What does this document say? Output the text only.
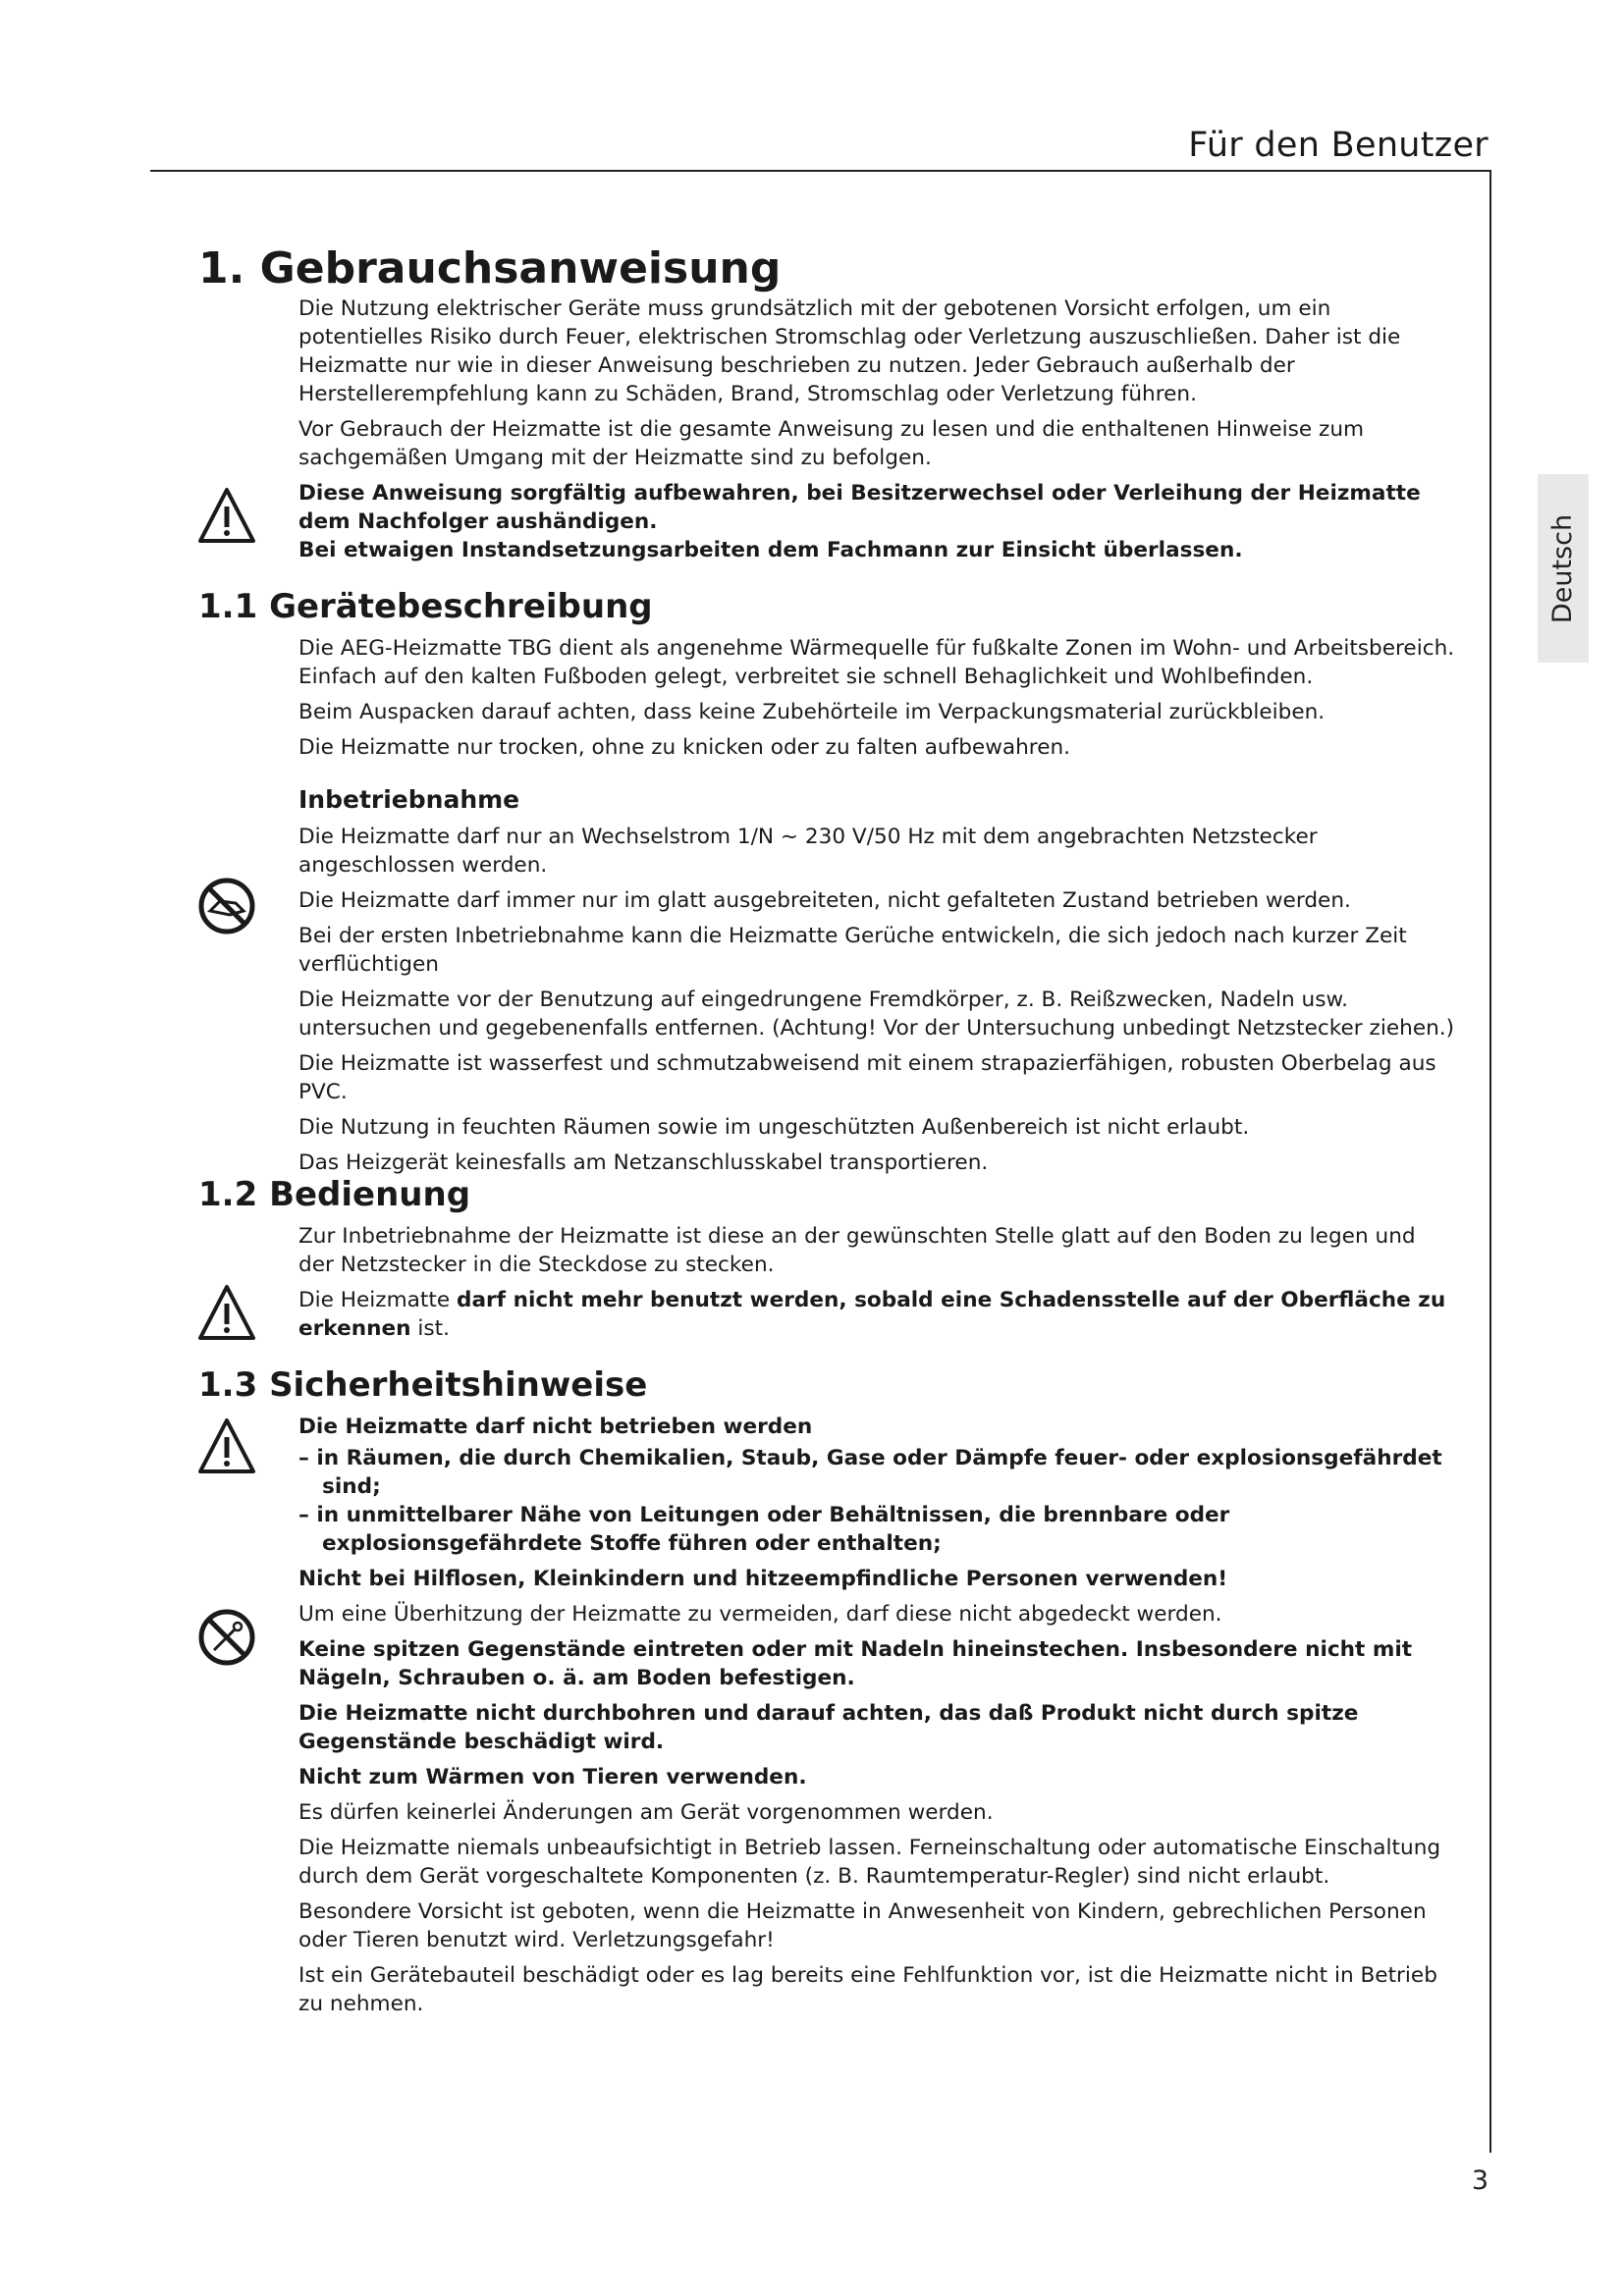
Für den Benutzer
Deutsch
1. Gebrauchsanweisung

Die Nutzung elektrischer Geräte muss grundsätzlich mit der gebotenen Vorsicht erfolgen, um ein potentielles Risiko durch Feuer, elektrischen Stromschlag oder Verletzung auszuschließen. Daher ist die Heizmatte nur wie in dieser Anweisung beschrieben zu nutzen. Jeder Gebrauch außerhalb der Herstellerempfehlung kann zu Schäden, Brand, Stromschlag oder Verletzung führen.

Vor Gebrauch der Heizmatte ist die gesamte Anweisung zu lesen und die enthaltenen Hinweise zum sachgemäßen Umgang mit der Heizmatte sind zu befolgen.

Diese Anweisung sorgfältig aufbewahren, bei Besitzerwechsel oder Verleihung der Heizmatte dem Nachfolger aushändigen.

Bei etwaigen Instandsetzungsarbeiten dem Fachmann zur Einsicht überlassen.

1.1 Gerätebeschreibung

Die AEG-Heizmatte TBG dient als angenehme Wärmequelle für fußkalte Zonen im Wohn- und Arbeitsbereich. Einfach auf den kalten Fußboden gelegt, verbreitet sie schnell Behaglichkeit und Wohlbefinden.

Beim Auspacken darauf achten, dass keine Zubehörteile im Verpackungsmaterial zurückbleiben.

Die Heizmatte nur trocken, ohne zu knicken oder zu falten aufbewahren.

Inbetriebnahme

Die Heizmatte darf nur an Wechselstrom 1/N ~ 230 V/50 Hz mit dem angebrachten Netzstecker angeschlossen werden.

Die Heizmatte darf immer nur im glatt ausgebreiteten, nicht gefalteten Zustand betrieben werden.

Bei der ersten Inbetriebnahme kann die Heizmatte Gerüche entwickeln, die sich jedoch nach kurzer Zeit verflüchtigen

Die Heizmatte vor der Benutzung auf eingedrungene Fremdkörper, z. B. Reißzwecken, Nadeln usw. untersuchen und gegebenenfalls entfernen. (Achtung! Vor der Untersuchung unbedingt Netzstecker ziehen.)

Die Heizmatte ist wasserfest und schmutzabweisend mit einem strapazierfähigen, robusten Oberbelag aus PVC.

Die Nutzung in feuchten Räumen sowie im ungeschützten Außenbereich ist nicht erlaubt.

Das Heizgerät keinesfalls am Netzanschlusskabel transportieren.

1.2 Bedienung

Zur Inbetriebnahme der Heizmatte ist diese an der gewünschten Stelle glatt auf den Boden zu legen und der Netzstecker in die Steckdose zu stecken.

Die Heizmatte darf nicht mehr benutzt werden, sobald eine Schadensstelle auf der Oberfläche zu erkennen ist.

1.3 Sicherheitshinweise

Die Heizmatte darf nicht betrieben werden

– in Räumen, die durch Chemikalien, Staub, Gase oder Dämpfe feuer- oder explosionsgefährdet sind;

– in unmittelbarer Nähe von Leitungen oder Behältnissen, die brennbare oder explosionsgefährdete Stoffe führen oder enthalten;

Nicht bei Hilflosen, Kleinkindern und hitzeempfindliche Personen verwenden!

Um eine Überhitzung der Heizmatte zu vermeiden, darf diese nicht abgedeckt werden.

Keine spitzen Gegenstände eintreten oder mit Nadeln hineinstechen. Insbesondere nicht mit Nägeln, Schrauben o. ä. am Boden befestigen.

Die Heizmatte nicht durchbohren und darauf achten, das daß Produkt nicht durch spitze Gegenstände beschädigt wird.

Nicht zum Wärmen von Tieren verwenden.

Es dürfen keinerlei Änderungen am Gerät vorgenommen werden.

Die Heizmatte niemals unbeaufsichtigt in Betrieb lassen. Ferneinschaltung oder automatische Einschaltung durch dem Gerät vorgeschaltete Komponenten (z. B. Raumtemperatur-Regler) sind nicht erlaubt.

Besondere Vorsicht ist geboten, wenn die Heizmatte in Anwesenheit von Kindern, gebrechlichen Personen oder Tieren benutzt wird. Verletzungsgefahr!

Ist ein Gerätebauteil beschädigt oder es lag bereits eine Fehlfunktion vor, ist die Heizmatte nicht in Betrieb zu nehmen.

3
